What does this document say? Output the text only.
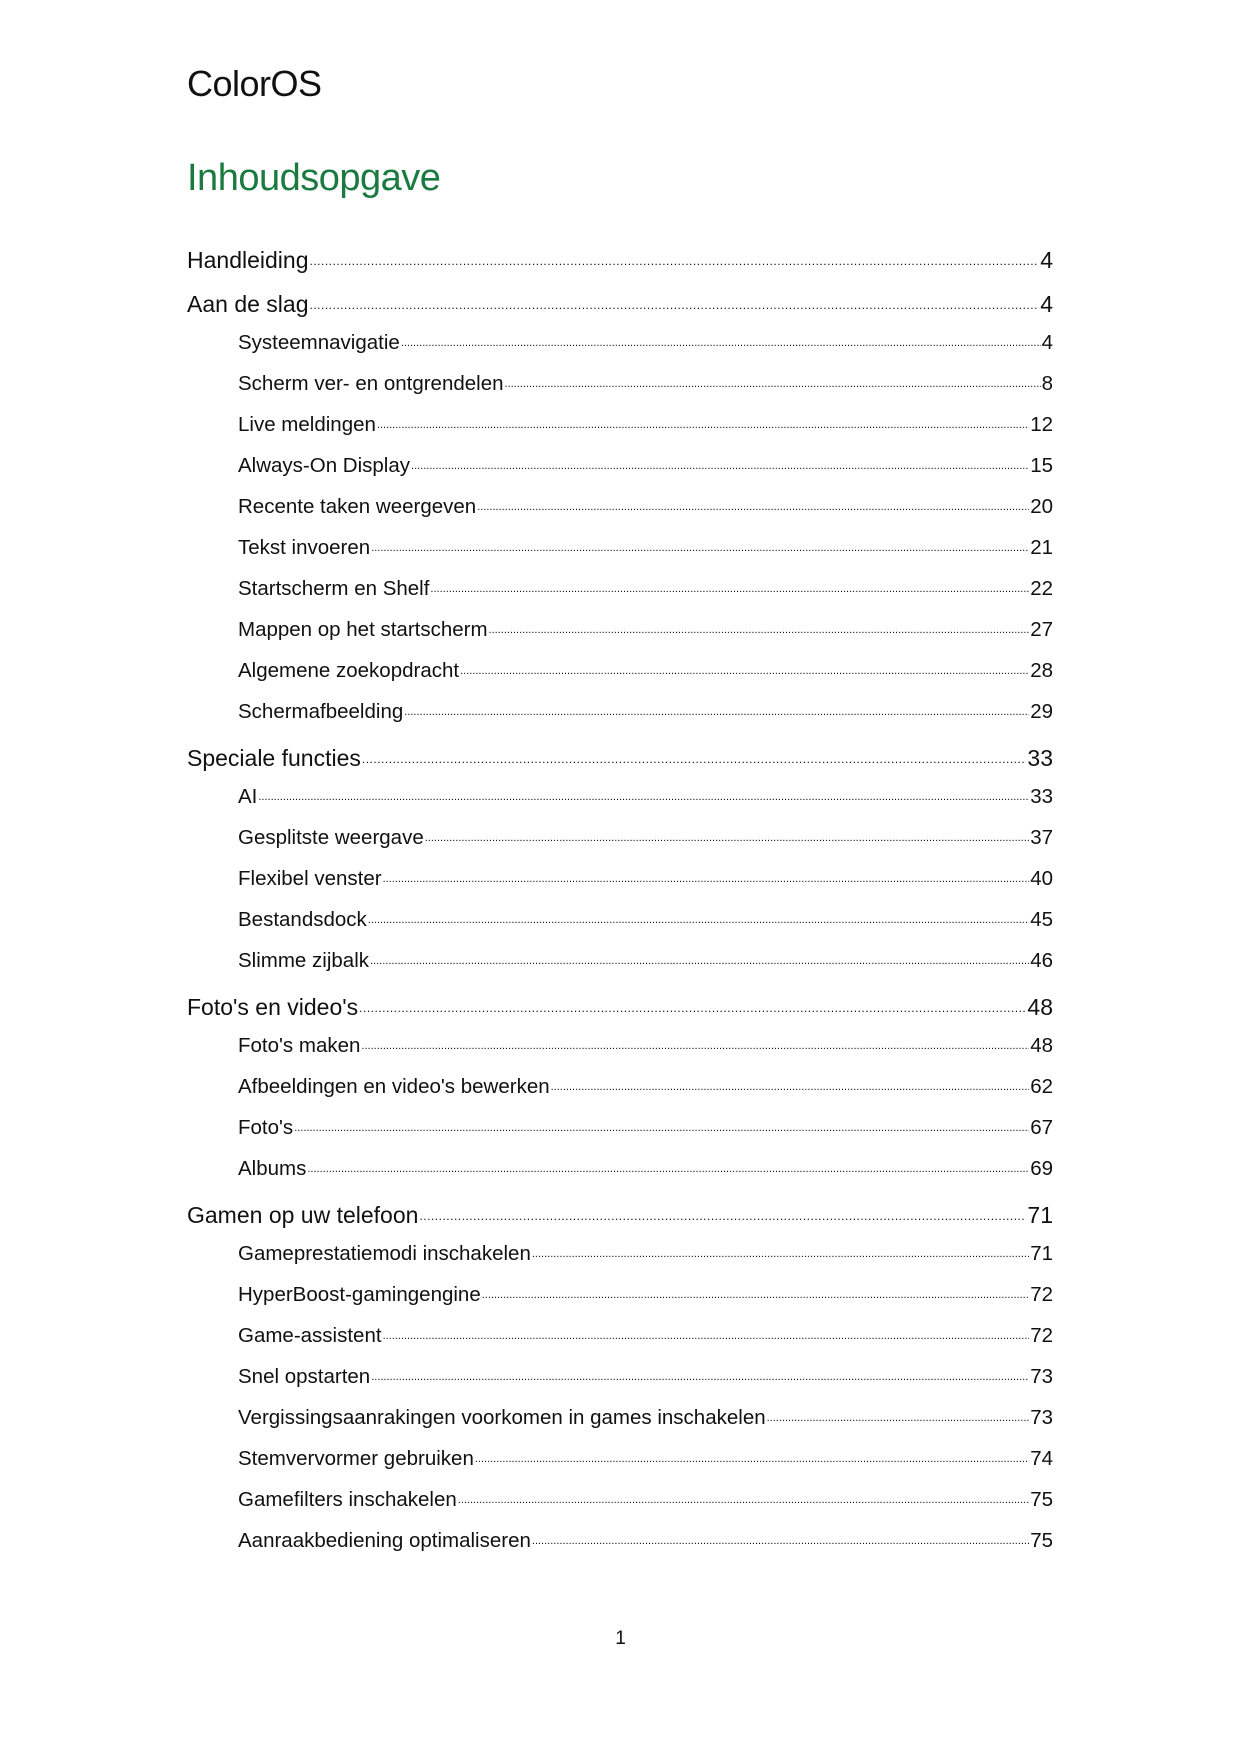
ColorOS
Inhoudsopgave
Handleiding .....	4
Aan de slag .....	4
Systeemnavigatie .....	4
Scherm ver- en ontgrendelen .....	8
Live meldingen .....	12
Always-On Display .....	15
Recente taken weergeven .....	20
Tekst invoeren .....	21
Startscherm en Shelf .....	22
Mappen op het startscherm .....	27
Algemene zoekopdracht .....	28
Schermafbeelding .....	29
Speciale functies .....	33
AI .....	33
Gesplitste weergave .....	37
Flexibel venster .....	40
Bestandsdock .....	45
Slimme zijbalk .....	46
Foto's en video's .....	48
Foto's maken .....	48
Afbeeldingen en video's bewerken .....	62
Foto's .....	67
Albums .....	69
Gamen op uw telefoon .....	71
Gameprestatiemodi inschakelen .....	71
HyperBoost-gamingengine .....	72
Game-assistent .....	72
Snel opstarten .....	73
Vergissingsaanrakingen voorkomen in games inschakelen .....	73
Stemvervormer gebruiken .....	74
Gamefilters inschakelen .....	75
Aanraakbediening optimaliseren .....	75
1
